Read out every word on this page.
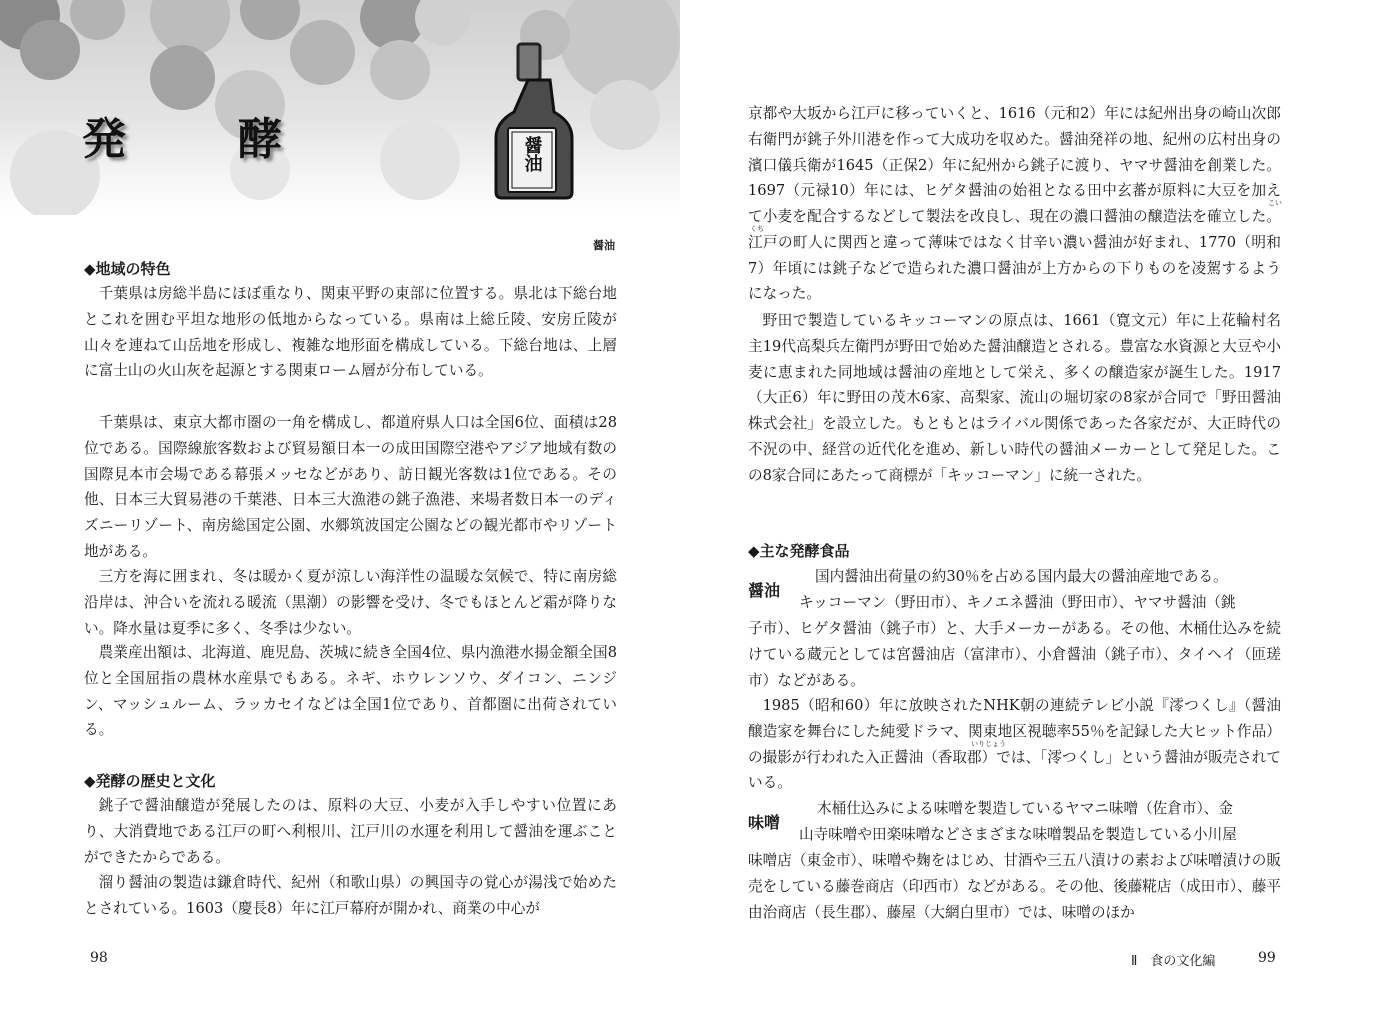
発　酵	醤油
醤油
◆地域の特色
千葉県は房総半島にほぼ重なり、関東平野の東部に位置する。県北は下総台地とこれを囲む平坦な地形の低地からなっている。県南は上総丘陵、安房丘陵が山々を連ねて山岳地を形成し、複雑な地形面を構成している。下総台地は、上層に富士山の火山灰を起源とする関東ローム層が分布している。
千葉県は、東京大都市圏の一角を構成し、都道府県人口は全国6位、面積は28位である。国際線旅客数および貿易額日本一の成田国際空港やアジア地域有数の国際見本市会場である幕張メッセなどがあり、訪日観光客数は1位である。その他、日本三大貿易港の千葉港、日本三大漁港の銚子漁港、来場者数日本一のディズニーリゾート、南房総国定公園、水郷筑波国定公園などの観光都市やリゾート地がある。
三方を海に囲まれ、冬は暖かく夏が涼しい海洋性の温暖な気候で、特に南房総沿岸は、沖合いを流れる暖流（黒潮）の影響を受け、冬でもほとんど霜が降りない。降水量は夏季に多く、冬季は少ない。
農業産出額は、北海道、鹿児島、茨城に続き全国4位、県内漁港水揚金額全国8位と全国屈指の農林水産県でもある。ネギ、ホウレンソウ、ダイコン、ニンジン、マッシュルーム、ラッカセイなどは全国1位であり、首都圏に出荷されている。
◆発酵の歴史と文化
銚子で醤油醸造が発展したのは、原料の大豆、小麦が入手しやすい位置にあり、大消費地である江戸の町へ利根川、江戸川の水運を利用して醤油を運ぶことができたからである。
溜り醤油の製造は鎌倉時代、紀州（和歌山県）の興国寺の覚心が湯浅で始めたとされている。1603（慶長8）年に江戸幕府が開かれ、商業の中心が
98
京都や大坂から江戸に移っていくと、1616（元和2）年には紀州出身の崎山次郎右衛門が銚子外川港を作って大成功を収めた。醤油発祥の地、紀州の広村出身の濱口儀兵衛が1645（正保2）年に紀州から銚子に渡り、ヤマサ醤油を創業した。1697（元禄10）年には、ヒゲタ醤油の始祖となる田中玄蕃が原料に大豆を加えて小麦を配合するなどして製法を改良し、現在の濃口醤油の醸造法を確立した。江戸の町人に関西と違って薄味ではなく甘辛い濃い醤油が好まれ、1770（明和7）年頃には銚子などで造られた濃口醤油が上方からの下りものを凌駕するようになった。
こい
くち
野田で製造しているキッコーマンの原点は、1661（寛文元）年に上花輪村名主19代高梨兵左衛門が野田で始めた醤油醸造とされる。豊富な水資源と大豆や小麦に恵まれた同地域は醤油の産地として栄え、多くの醸造家が誕生した。1917（大正6）年に野田の茂木6家、高梨家、流山の堀切家の8家が合同で「野田醤油株式会社」を設立した。もともとはライバル関係であった各家だが、大正時代の不況の中、経営の近代化を進め、新しい時代の醤油メーカーとして発足した。この8家合同にあたって商標が「キッコーマン」に統一された。
◆主な発酵食品
醤油
国内醤油出荷量の約30％を占める国内最大の醤油産地である。
キッコーマン（野田市）、キノエネ醤油（野田市）、ヤマサ醤油（銚
子市）、ヒゲタ醤油（銚子市）と、大手メーカーがある。その他、木桶仕込みを続けている蔵元としては宮醤油店（富津市）、小倉醤油（銚子市）、タイヘイ（匝瑳市）などがある。
1985（昭和60）年に放映されたNHK朝の連続テレビ小説『澪つくし』（醤油醸造家を舞台にした純愛ドラマ、関東地区視聴率55％を記録した大ヒット作品）の撮影が行われた入正醤油（香取郡）では、「澪つくし」という醤油が販売されている。
いりじょう
味噌
木桶仕込みによる味噌を製造しているヤマニ味噌（佐倉市）、金
山寺味噌や田楽味噌などさまざまな味噌製品を製造している小川屋
味噌店（東金市）、味噌や麹をはじめ、甘酒や三五八漬けの素および味噌漬けの販売をしている藤巻商店（印西市）などがある。その他、後藤糀店（成田市）、藤平由治商店（長生郡）、藤屋（大網白里市）では、味噌のほか
Ⅱ　食の文化編	99
